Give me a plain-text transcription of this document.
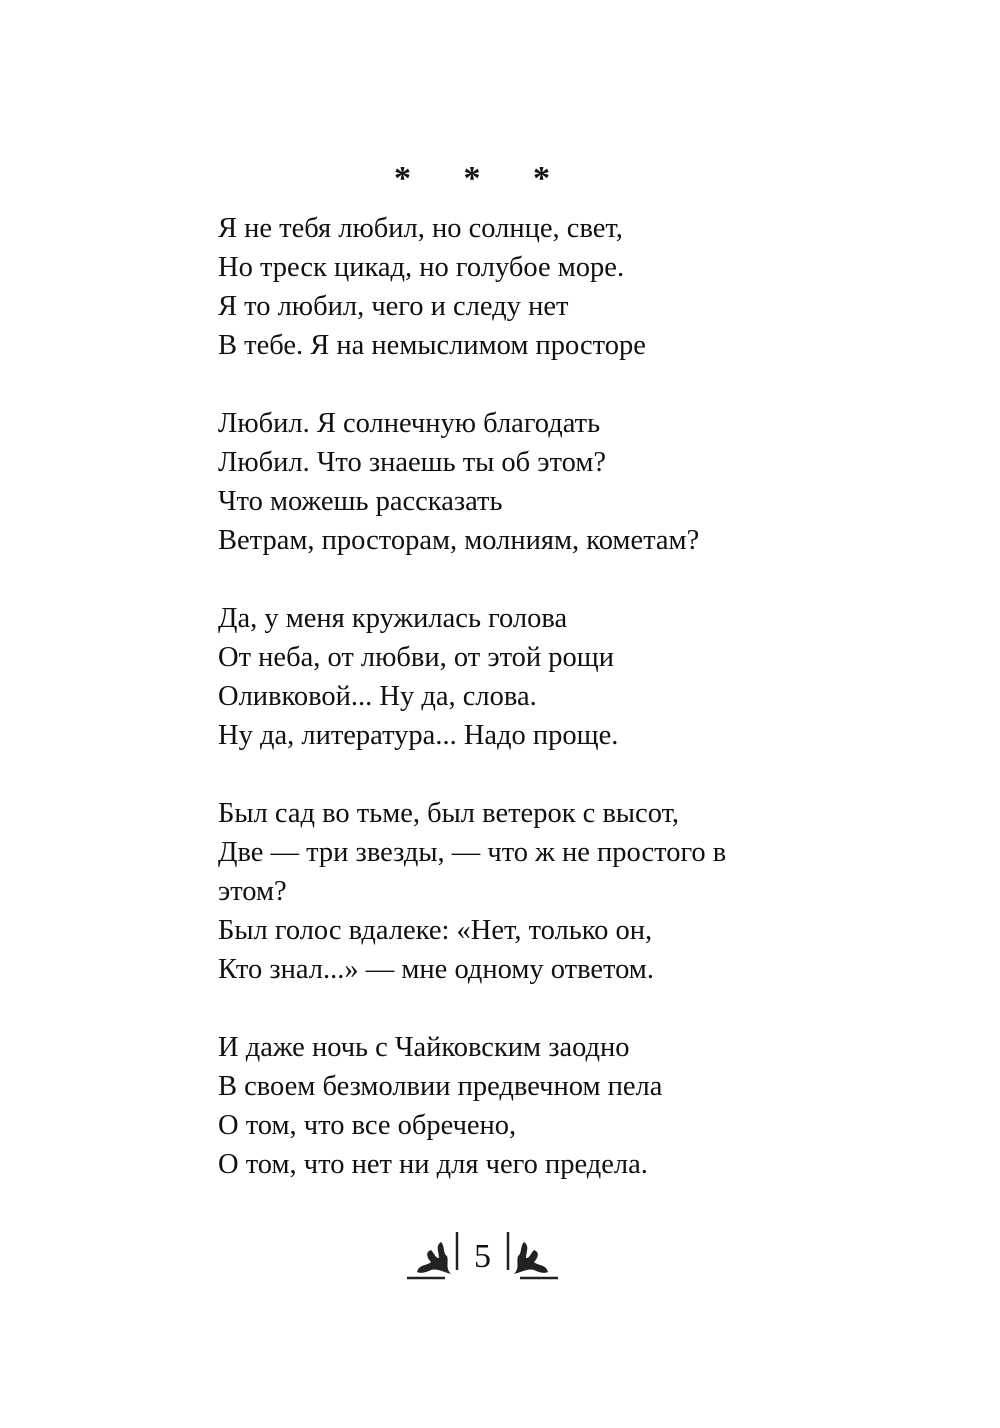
* * *
Я не тебя любил, но солнце, свет,
Но треск цикад, но голубое море.
Я то любил, чего и следу нет
В тебе. Я на немыслимом просторе
Любил. Я солнечную благодать
Любил. Что знаешь ты об этом?
Что можешь рассказать
Ветрам, просторам, молниям, кометам?
Да, у меня кружилась голова
От неба, от любви, от этой рощи
Оливковой... Ну да, слова.
Ну да, литература... Надо проще.
Был сад во тьме, был ветерок с высот,
Две — три звезды, — что ж не простого в
этом?
Был голос вдалеке: «Нет, только он,
Кто знал...» — мне одному ответом.
И даже ночь с Чайковским заодно
В своем безмолвии предвечном пела
О том, что все обречено,
О том, что нет ни для чего предела.
5
